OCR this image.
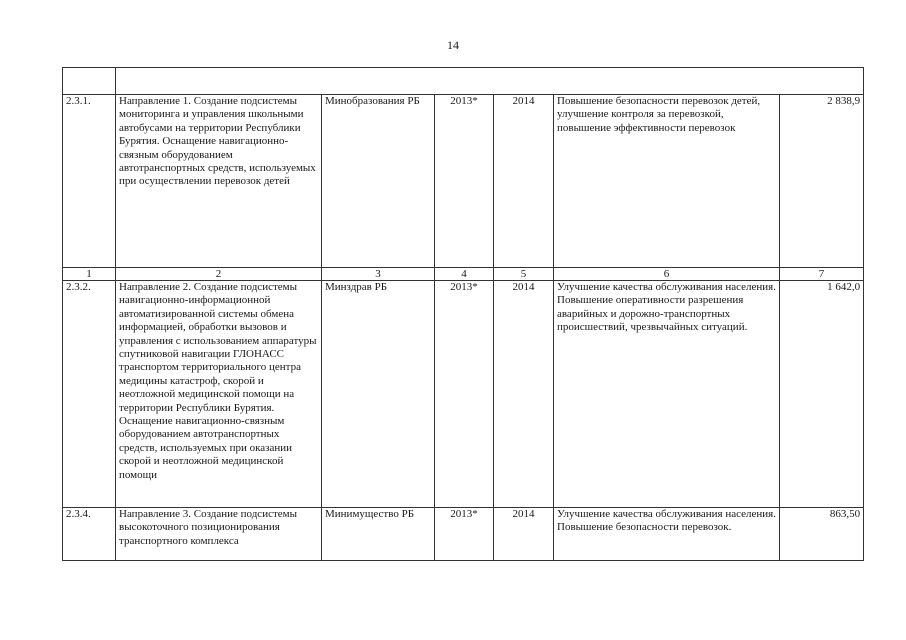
14

2.3.1.	Направление 1. Создание подсистемы мониторинга и управления школьными автобусами на территории Республики Бурятия. Оснащение навигационно-связным оборудованием автотранспортных средств, используемых при осуществлении перевозок детей	Минобразования РБ	2013*	2014	Повышение безопасности перевозок детей, улучшение контроля за перевозкой, повышение эффективности перевозок	2 838,9
1	2	3	4	5	6	7
2.3.2.	Направление 2. Создание подсистемы навигационно-информационной автоматизированной системы обмена информацией, обработки вызовов и управления с использованием аппаратуры спутниковой навигации ГЛОНАСС транспортом территориального центра медицины катастроф, скорой и неотложной медицинской помощи на территории Республики Бурятия. Оснащение навигационно-связным оборудованием автотранспортных средств, используемых при оказании скорой и неотложной медицинской помощи	Минздрав РБ	2013*	2014	Улучшение качества обслуживания населения. Повышение оперативности разрешения аварийных и дорожно-транспортных происшествий, чрезвычайных ситуаций.	1 642,0
2.3.4.	Направление 3. Создание подсистемы высокоточного позиционирования транспортного комплекса	Минимущество РБ	2013*	2014	Улучшение качества обслуживания населения. Повышение безопасности перевозок.	863,50
